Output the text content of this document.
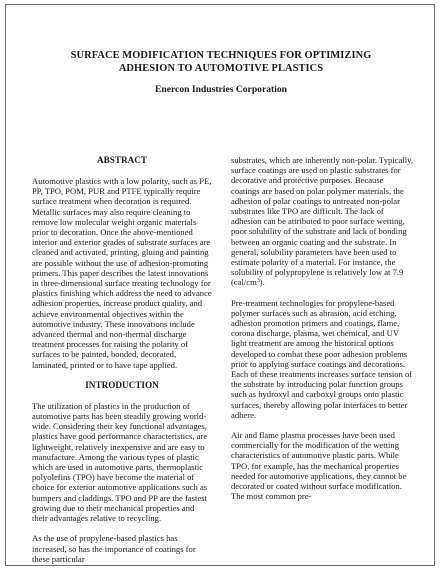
SURFACE MODIFICATION TECHNIQUES FOR OPTIMIZING
ADHESION TO AUTOMOTIVE PLASTICS
Enercon Industries Corporation
ABSTRACT

Automotive plastics with a low polarity, such as PE, PP, TPO, POM, PUR and PTFE typically require surface treatment when decoration is required. Metallic surfaces may also require cleaning to remove low molecular weight organic materials prior to decoration. Once the above-mentioned interior and exterior grades of substrate surfaces are cleaned and activated, printing, gluing and painting are possible without the use of adhesion-promoting primers. This paper describes the latest innovations in three-dimensional surface treating technology for plastics finishing which address the need to advance adhesion properties, increase product quality, and achieve environmental objectives within the automotive industry. These innovations include advanced thermal and non-thermal discharge treatment processes for raising the polarity of surfaces to be painted, bonded, decorated, laminated, printed or to have tape applied.

INTRODUCTION

The utilization of plastics in the production of automotive parts has been steadily growing world-wide. Considering their key functional advantages, plastics have good performance characteristics, are lightweight, relatively inexpensive and are easy to manufacture. Among the various types of plastic which are used in automotive parts, thermoplastic polyolefins (TPO) have become the material of choice for exterior automotive applications such as bumpers and claddings. TPO and PP are the fastest growing due to their mechanical properties and their advantages relative to recycling.

As the use of propylene-based plastics has increased, so has the importance of coatings for these particular

substrates, which are inherently non-polar. Typically, surface coatings are used on plastic substrates for decorative and protective purposes. Because coatings are based on polar polymer materials, the adhesion of polar coatings to untreated non-polar substrates like TPO are difficult. The lack of adhesion can be attributed to poor surface wetting, poor solubility of the substrate and lack of bonding between an organic coating and the substrate. In general, solubility parameters have been used to estimate polarity of a material. For instance, the solubility of polypropylene is relatively low at 7.9 $(cal/cm^3)$.

Pre-treatment technologies for propylene-based polymer surfaces such as abrasion, acid etching, adhesion promotion primers and coatings, flame, corona discharge, plasma, wet chemical, and UV light treatment are among the historical options developed to combat these poor adhesion problems prior to applying surface coatings and decorations. Each of these treatments increases surface tension of the substrate by introducing polar function groups such as hydroxyl and carboxyl groups onto plastic surfaces, thereby allowing polar interfaces to better adhere.

Air and flame plasma processes have been used commercially for the modification of the wetting characteristics of automotive plastic parts. While TPO, for example, has the mechanical properties needed for automotive applications, they cannot be decorated or coated without surface modification. The most common pre-
